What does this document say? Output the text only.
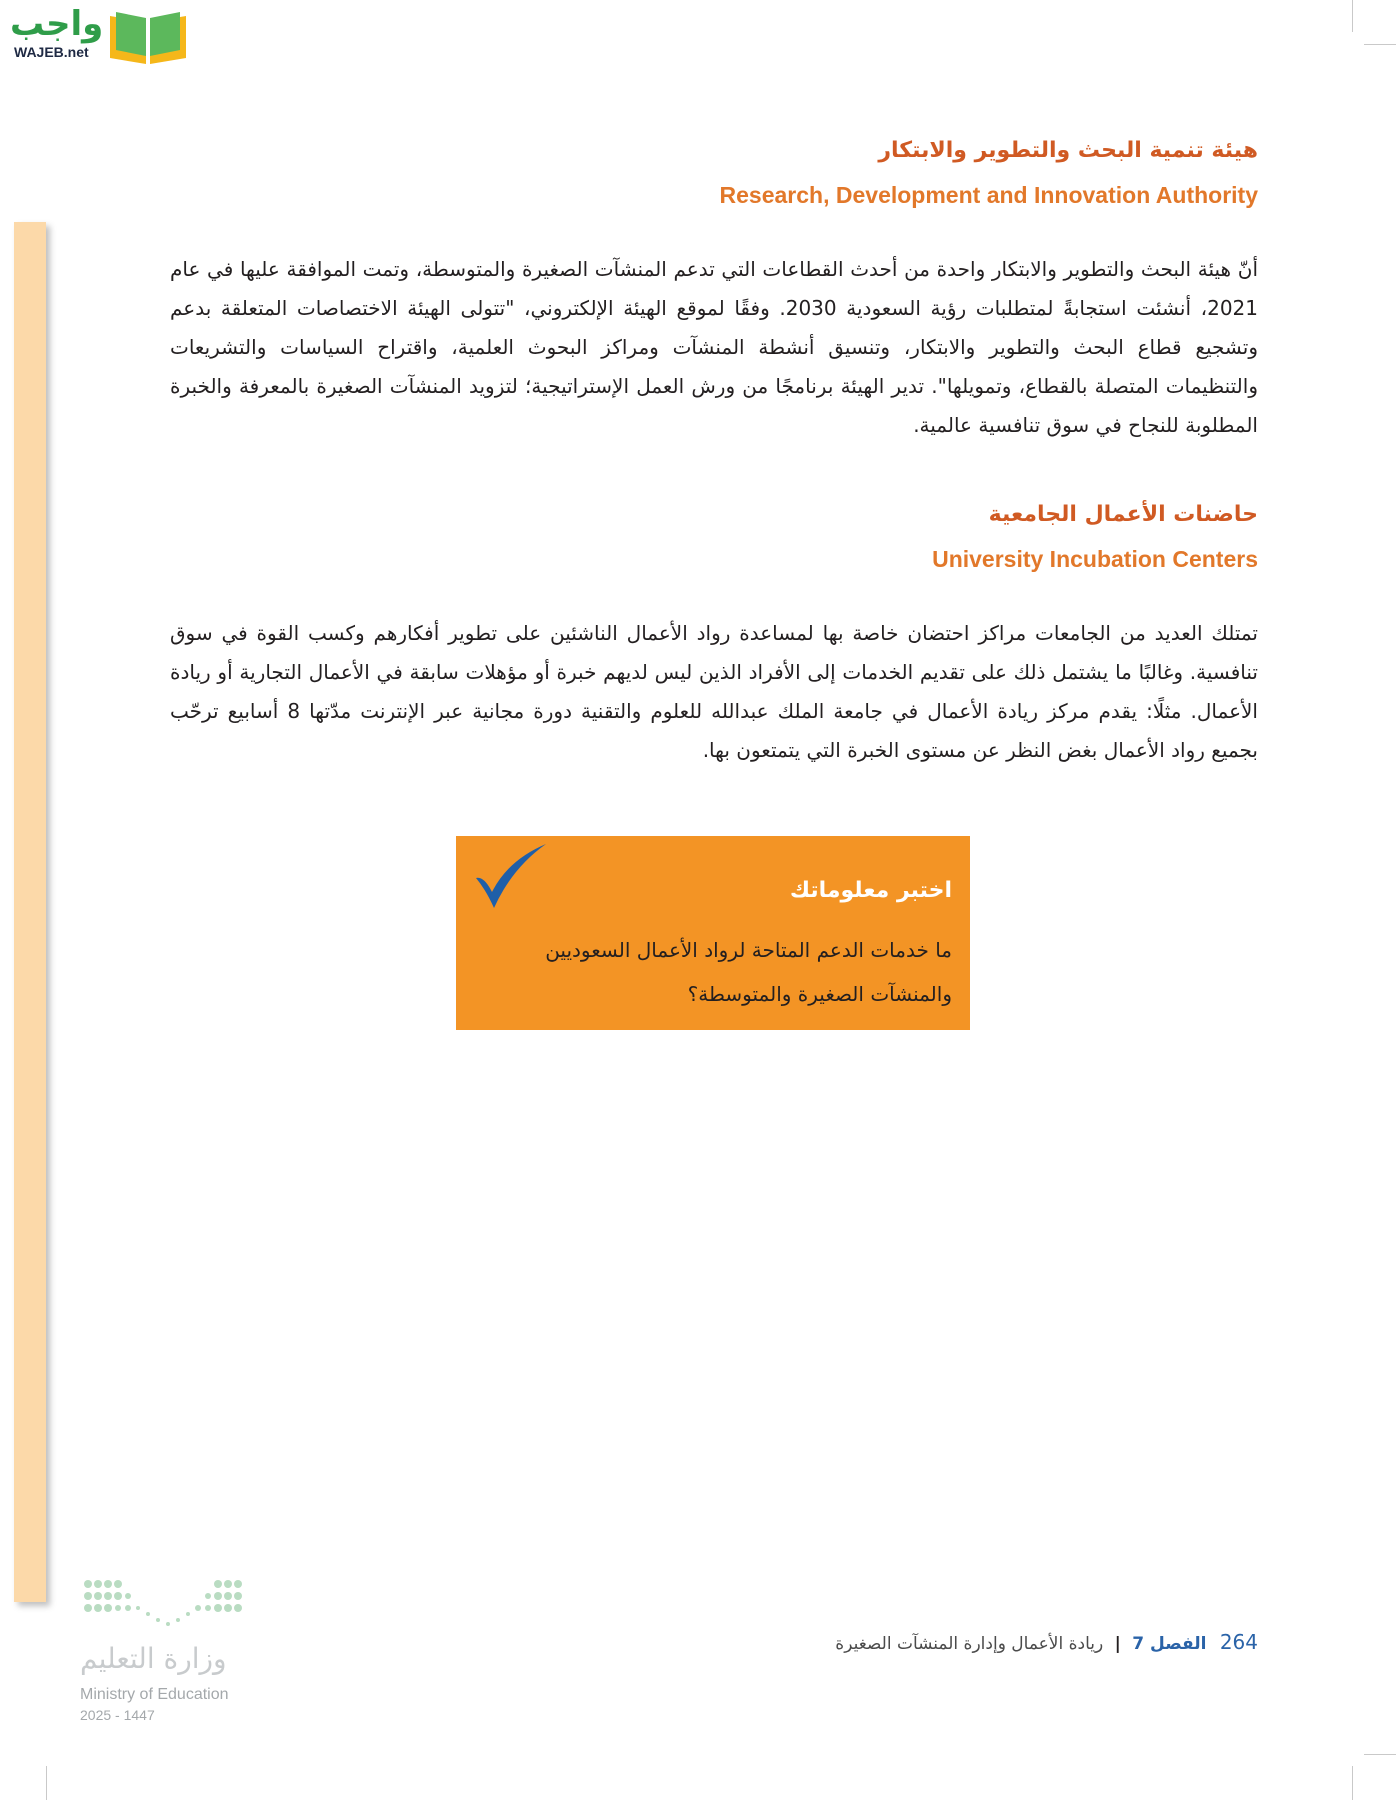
واجب
WAJEB.net
هيئة تنمية البحث والتطوير والابتكار
Research, Development and Innovation Authority

أنّ هيئة البحث والتطوير والابتكار واحدة من أحدث القطاعات التي تدعم المنشآت الصغيرة والمتوسطة، وتمت الموافقة عليها في عام 2021، أنشئت استجابةً لمتطلبات رؤية السعودية 2030. وفقًا لموقع الهيئة الإلكتروني، "تتولى الهيئة الاختصاصات المتعلقة بدعم وتشجيع قطاع البحث والتطوير والابتكار، وتنسيق أنشطة المنشآت ومراكز البحوث العلمية، واقتراح السياسات والتشريعات والتنظيمات المتصلة بالقطاع، وتمويلها". تدير الهيئة برنامجًا من ورش العمل الإستراتيجية؛ لتزويد المنشآت الصغيرة بالمعرفة والخبرة المطلوبة للنجاح في سوق تنافسية عالمية.

حاضنات الأعمال الجامعية
University Incubation Centers

تمتلك العديد من الجامعات مراكز احتضان خاصة بها لمساعدة رواد الأعمال الناشئين على تطوير أفكارهم وكسب القوة في سوق تنافسية. وغالبًا ما يشتمل ذلك على تقديم الخدمات إلى الأفراد الذين ليس لديهم خبرة أو مؤهلات سابقة في الأعمال التجارية أو ريادة الأعمال. مثلًا: يقدم مركز ريادة الأعمال في جامعة الملك عبدالله للعلوم والتقنية دورة مجانية عبر الإنترنت مدّتها 8 أسابيع ترحّب بجميع رواد الأعمال بغض النظر عن مستوى الخبرة التي يتمتعون بها.

اختبر معلوماتك

ما خدمات الدعم المتاحة لرواد الأعمال السعوديين والمنشآت الصغيرة والمتوسطة؟

وزارة التعليم
Ministry of Education
2025 - 1447
264 الفصل 7 | ريادة الأعمال وإدارة المنشآت الصغيرة
